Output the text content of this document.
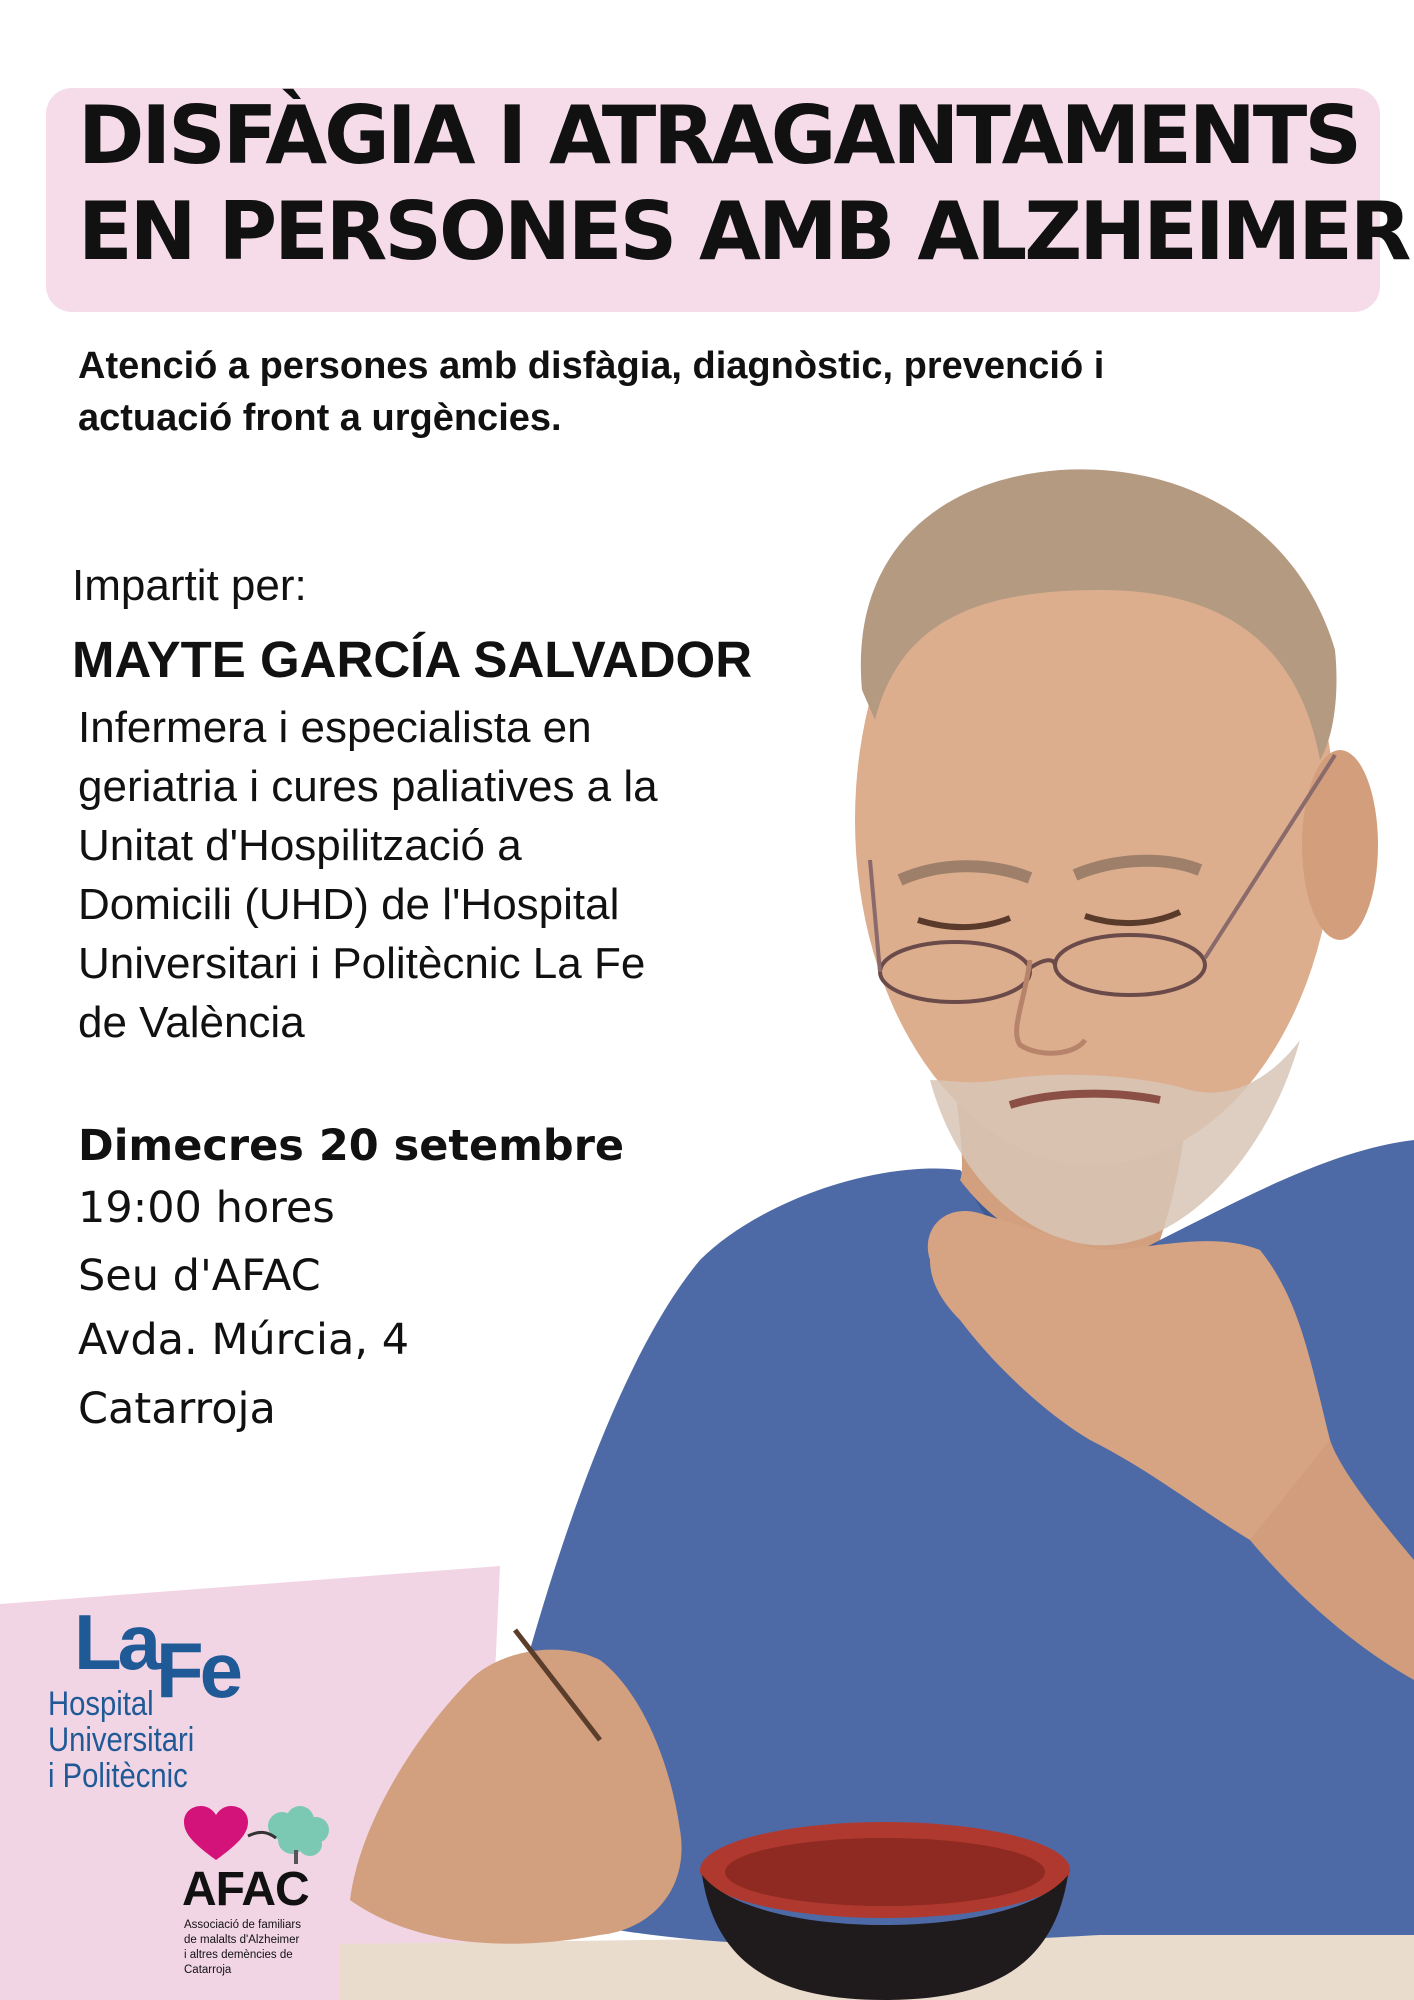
DISFÀGIA I ATRAGANTAMENTS
EN PERSONES AMB ALZHEIMER
Atenció a persones amb disfàgia, diagnòstic, prevenció i actuació front a urgències.
Impartit per:
MAYTE GARCÍA SALVADOR
Infermera i especialista en
geriatria i cures paliatives a la
Unitat d'Hospilització a
Domicili (UHD) de l'Hospital
Universitari i Politècnic La Fe
de València
Dimecres 20 setembre
19:00 hores
Seu d'AFAC
Avda. Múrcia, 4
Catarroja
La
Fe
Hospital
Universitari
i Politècnic
AFAC
Associació de familiars
de malalts d'Alzheimer
i altres demències de
Catarroja
